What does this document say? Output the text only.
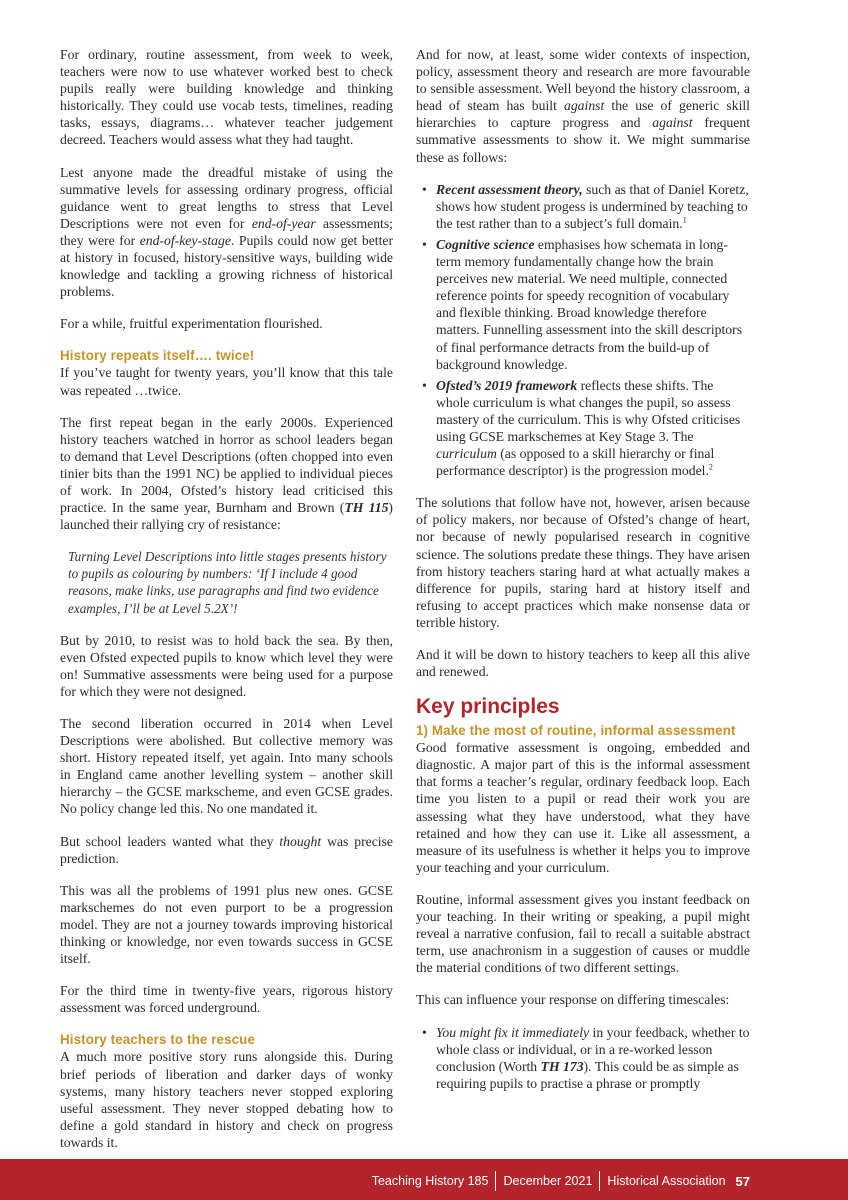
For ordinary, routine assessment, from week to week, teachers were now to use whatever worked best to check pupils really were building knowledge and thinking historically. They could use vocab tests, timelines, reading tasks, essays, diagrams… whatever teacher judgement decreed. Teachers would assess what they had taught.

Lest anyone made the dreadful mistake of using the summative levels for assessing ordinary progress, official guidance went to great lengths to stress that Level Descriptions were not even for end-of-year assessments; they were for end-of-key-stage. Pupils could now get better at history in focused, history-sensitive ways, building wide knowledge and tackling a growing richness of historical problems.

For a while, fruitful experimentation flourished.

History repeats itself…. twice!

If you’ve taught for twenty years, you’ll know that this tale was repeated …twice.

The first repeat began in the early 2000s. Experienced history teachers watched in horror as school leaders began to demand that Level Descriptions (often chopped into even tinier bits than the 1991 NC) be applied to individual pieces of work. In 2004, Ofsted’s history lead criticised this practice. In the same year, Burnham and Brown (TH 115) launched their rallying cry of resistance:

Turning Level Descriptions into little stages presents history to pupils as colouring by numbers: ‘If I include 4 good reasons, make links, use paragraphs and find two evidence examples, I’ll be at Level 5.2X’!

But by 2010, to resist was to hold back the sea. By then, even Ofsted expected pupils to know which level they were on! Summative assessments were being used for a purpose for which they were not designed.

The second liberation occurred in 2014 when Level Descriptions were abolished. But collective memory was short. History repeated itself, yet again. Into many schools in England came another levelling system – another skill hierarchy – the GCSE markscheme, and even GCSE grades. No policy change led this. No one mandated it.

But school leaders wanted what they thought was precise prediction.

This was all the problems of 1991 plus new ones. GCSE markschemes do not even purport to be a progression model. They are not a journey towards improving historical thinking or knowledge, nor even towards success in GCSE itself.

For the third time in twenty-five years, rigorous history assessment was forced underground.

History teachers to the rescue

A much more positive story runs alongside this. During brief periods of liberation and darker days of wonky systems, many history teachers never stopped exploring useful assessment. They never stopped debating how to define a gold standard in history and check on progress towards it.

And for now, at least, some wider contexts of inspection, policy, assessment theory and research are more favourable to sensible assessment. Well beyond the history classroom, a head of steam has built against the use of generic skill hierarchies to capture progress and against frequent summative assessments to show it. We might summarise these as follows:

• Recent assessment theory, such as that of Daniel Koretz, shows how student progess is undermined by teaching to the test rather than to a subject’s full domain.$^1$
• Cognitive science emphasises how schemata in long-term memory fundamentally change how the brain perceives new material. We need multiple, connected reference points for speedy recognition of vocabulary and flexible thinking. Broad knowledge therefore matters. Funnelling assessment into the skill descriptors of final performance detracts from the build-up of background knowledge.
• Ofsted’s 2019 framework reflects these shifts. The whole curriculum is what changes the pupil, so assess mastery of the curriculum. This is why Ofsted criticises using GCSE markschemes at Key Stage 3. The curriculum (as opposed to a skill hierarchy or final performance descriptor) is the progression model.$^2$

The solutions that follow have not, however, arisen because of policy makers, nor because of Ofsted’s change of heart, nor because of newly popularised research in cognitive science. The solutions predate these things. They have arisen from history teachers staring hard at what actually makes a difference for pupils, staring hard at history itself and refusing to accept practices which make nonsense data or terrible history.

And it will be down to history teachers to keep all this alive and renewed.

Key principles
1) Make the most of routine, informal assessment

Good formative assessment is ongoing, embedded and diagnostic. A major part of this is the informal assessment that forms a teacher’s regular, ordinary feedback loop. Each time you listen to a pupil or read their work you are assessing what they have understood, what they have retained and how they can use it. Like all assessment, a measure of its usefulness is whether it helps you to improve your teaching and your curriculum.

Routine, informal assessment gives you instant feedback on your teaching. In their writing or speaking, a pupil might reveal a narrative confusion, fail to recall a suitable abstract term, use anachronism in a suggestion of causes or muddle the material conditions of two different settings.

This can influence your response on differing timescales:

• You might fix it immediately in your feedback, whether to whole class or individual, or in a re-worked lesson conclusion (Worth TH 173). This could be as simple as requiring pupils to practise a phrase or promptly
Teaching History 185 December 2021 Historical Association 57
